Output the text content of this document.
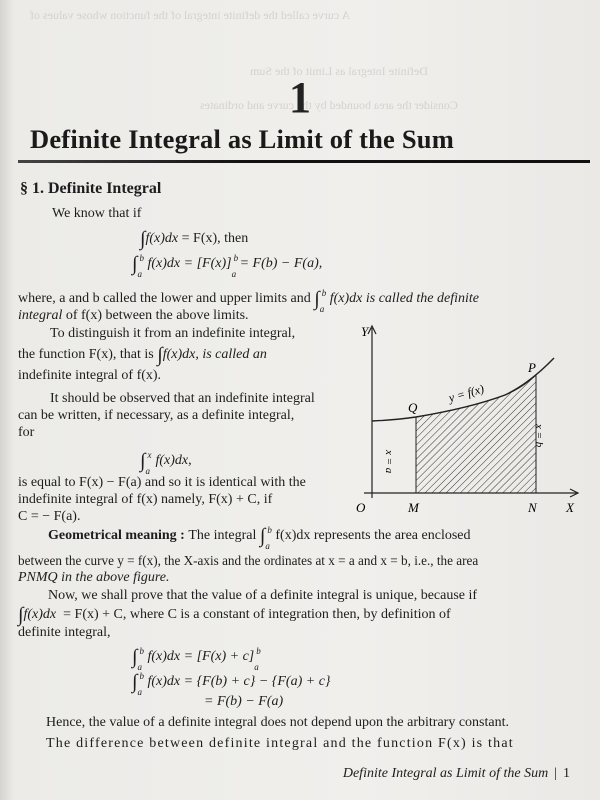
A curve called the definite integral of the function whose values of
Definite Integral as Limit of the Sum
Consider the area bounded by the curve and ordinates
1
Definite Integral as Limit of the Sum
§ 1. Definite Integral
We know that if
∫f(x)dx = F(x), then
∫ b
a
f(x)dx = [F(x)] b
a
= F(b) − F(a),
where, a and b called the lower and upper limits and ∫ b
a
f(x)dx is called the definite
integral of f(x) between the above limits.
To distinguish it from an indefinite integral,
the function F(x), that is ∫f(x)dx, is called an
indefinite integral of f(x).
It should be observed that an indefinite integral
can be written, if necessary, as a definite integral,
for
∫ x
a
f(x)dx,
is equal to F(x) − F(a) and so it is identical with the
indefinite integral of f(x) namely, F(x) + C, if
C = − F(a).
Y
X
O	M	N
P
Q
y = f(x)
x = a
x = b
Geometrical meaning : The integral ∫ b
a
f(x)dx represents the area enclosed
between the curve y = f(x), the X-axis and the ordinates at x = a and x = b, i.e., the area
PNMQ in the above figure.
Now, we shall prove that the value of a definite integral is unique, because if
∫f(x)dx = F(x) + C, where C is a constant of integration then, by definition of
definite integral,
∫ b
a
f(x)dx = [F(x) + c] b
a
∫ b
a
f(x)dx = {F(b) + c} − {F(a) + c}
= F(b) − F(a)
Hence, the value of a definite integral does not depend upon the arbitrary constant.
The difference between definite integral and the function F(x) is that
Definite Integral as Limit of the Sum | 1
